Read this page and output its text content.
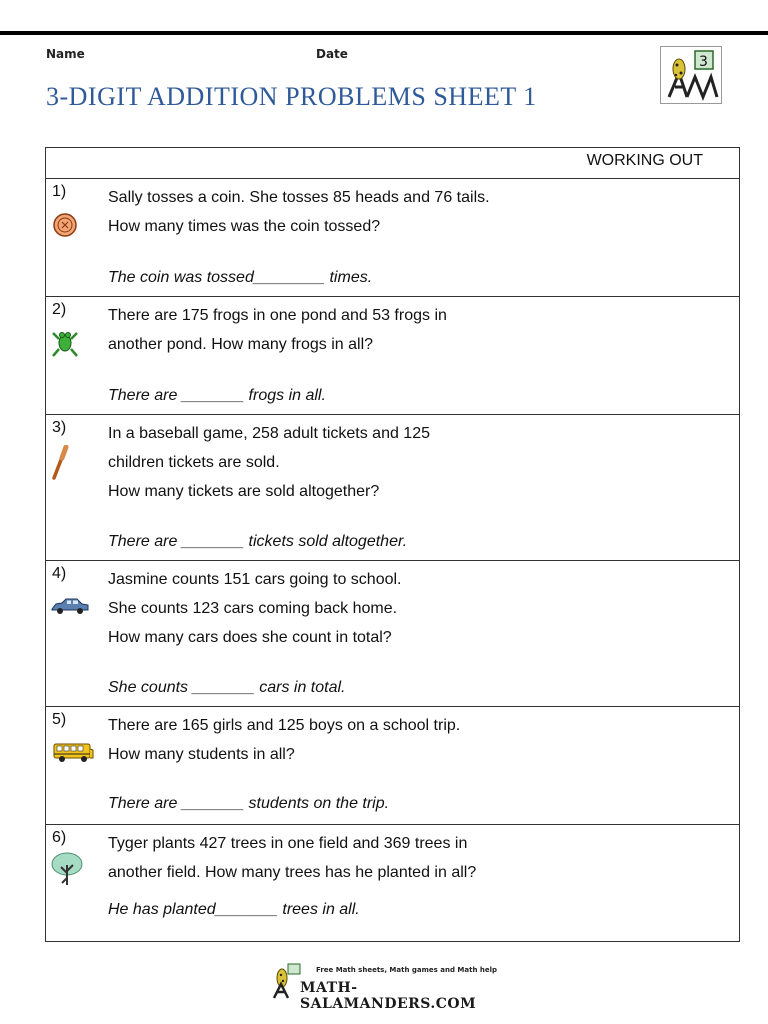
Name	Date
3-DIGIT ADDITION PROBLEMS SHEET 1
3
WORKING OUT
1)	Sally tosses a coin. She tosses 85 heads and 76 tails.

How many times was the coin tossed?

The coin was tossed________ times.
2)	There are 175 frogs in one pond and 53 frogs in

another pond. How many frogs in all?

There are _______ frogs in all.
3)	In a baseball game, 258 adult tickets and 125

children tickets are sold.

How many tickets are sold altogether?

There are _______ tickets sold altogether.
4)	Jasmine counts 151 cars going to school.

She counts 123 cars coming back home.

How many cars does she count in total?

She counts _______ cars in total.
5)	There are 165 girls and 125 boys on a school trip.

How many students in all?

There are _______ students on the trip.
6)	Tyger plants 427 trees in one field and 369 trees in

another field. How many trees has he planted in all?

He has planted_______ trees in all.
Free Math sheets, Math games and Math help
MATH-SALAMANDERS.COM
